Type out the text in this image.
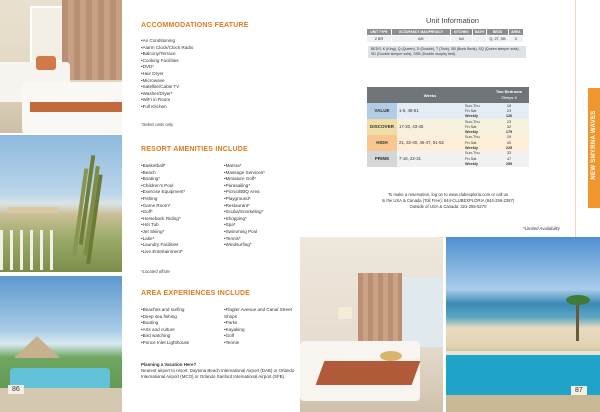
86
ACCOMMODATIONS FEATURE
• Air Conditioning
• Alarm Clock/Clock Radio
• Balcony/Terrace
• Cooking Facilities
• DVD*
• Hair Dryer
• Microwave
• Satellite/Cable TV
• Washer/Dryer*
• WiFi in Room
• Full Kitchen
*Select units only
RESORT AMENITIES INCLUDE
• Basketball*
• Beach
• Boating*
• Children's Pool
• Exercise Equipment*
• Fishing
• Game Room*
• Golf*
• Horseback Riding*
• Hot Tub
• Jet Skiing*
• Lake*
• Laundry Facilities
• Live Entertainment*
• Marina*
• Massage Services*
• Miniature Golf*
• Parasailing*
• Picnic/BBQ Area
• Playground*
• Restaurant*
• Scuba/Snorkeling*
• Shopping*
• Spa*
• Swimming Pool
• Tennis*
• Windsurfing*
*Located offsite
AREA EXPERIENCES INCLUDE
• Beaches and surfing
• Deep sea fishing
• Boating
• Arts and culture
• Bird watching
• Ponce Inlet Lighthouse
• Flagler Avenue and Canal Street Shops
• Parks
• Kayaking
• Golf
• Tennis
Planning a Vacation Here?
Nearest airport to resort: Daytona Beach International Airport (DAB) or Orlando International Airport (MCO) or Orlando Sanford International Airport (SFB).
Unit Information
UNIT TYPE	OCCUPANCY MAX/PRIVACY	KITCHEN	BATH	BEDS	AREA
2 BR	6/6	full		Q, 2T, SB	0
BEDS: K (King), Q (Queen), D (Double), T (Twin), SB (Bunk Beds), SQ (Queen sleeper sofa), SD (Double sleeper sofa), SSB (Double murphy bed)
	Weeks		Two Bedroom
Sleeps 6

VALUE	1-6, 48-51	Sun-Thu	16
		Fri-Sat	23
		Weekly	126
DISCOVER	17-20, 43-45	Sun-Thu	23
		Fri-Sat	32
		Weekly	179
HIGH	21, 32-40, 46-47, 51-52	Sun-Thu	29
		Fri-Sat	40
		Weekly	225
PRIME	7-16, 22-31	Sun-Thu	33
		Fri-Sat	47
		Weekly	259
To make a reservation, log on to www.clubexploria.com or call us
In the USA & Canada (Toll Free): 844-CLUBEXPLORIA (844-258-2397)
Outside of USA & Canada: 321-255-5270
*Limited Availability
NEW SMYRNA WAVES
87
